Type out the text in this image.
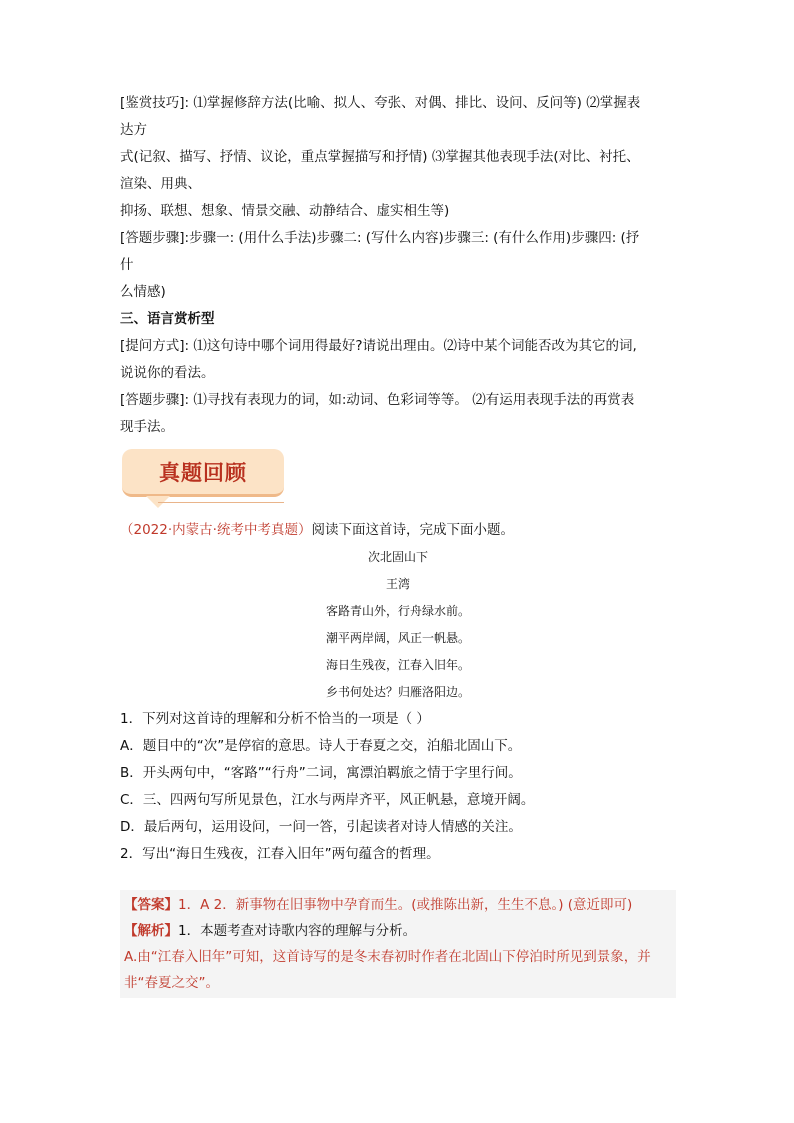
[鉴赏技巧]: ⑴掌握修辞方法(比喻、拟人、夸张、对偶、排比、设问、反问等) ⑵掌握表
达方
式(记叙、描写、抒情、议论，重点掌握描写和抒情) ⑶掌握其他表现手法(对比、衬托、
渲染、用典、
抑扬、联想、想象、情景交融、动静结合、虚实相生等)
[答题步骤]:步骤一: (用什么手法)步骤二: (写什么内容)步骤三: (有什么作用)步骤四: (抒
什
么情感)
三、语言赏析型
[提问方式]: ⑴这句诗中哪个词用得最好?请说出理由。⑵诗中某个词能否改为其它的词,
说说你的看法。
[答题步骤]: ⑴寻找有表现力的词，如:动词、色彩词等等。 ⑵有运用表现手法的再赏表
现手法。
真题回顾
（2022·内蒙古·统考中考真题）阅读下面这首诗，完成下面小题。
次北固山下
王湾
客路青山外，行舟绿水前。
潮平两岸阔，风正一帆悬。
海日生残夜，江春入旧年。
乡书何处达？归雁洛阳边。
1．下列对这首诗的理解和分析不恰当的一项是（ ）
A．题目中的“次”是停宿的意思。诗人于春夏之交，泊船北固山下。
B．开头两句中，“客路”“行舟”二词，寓漂泊羁旅之情于字里行间。
C．三、四两句写所见景色，江水与两岸齐平，风正帆悬，意境开阔。
D．最后两句，运用设问，一问一答，引起读者对诗人情感的关注。
2．写出“海日生残夜，江春入旧年”两句蕴含的哲理。
【答案】1．A 2．新事物在旧事物中孕育而生。(或推陈出新，生生不息。) (意近即可)
【解析】1．本题考查对诗歌内容的理解与分析。
A.由“江春入旧年”可知，这首诗写的是冬末春初时作者在北固山下停泊时所见到景象，并非“春夏之交”。
